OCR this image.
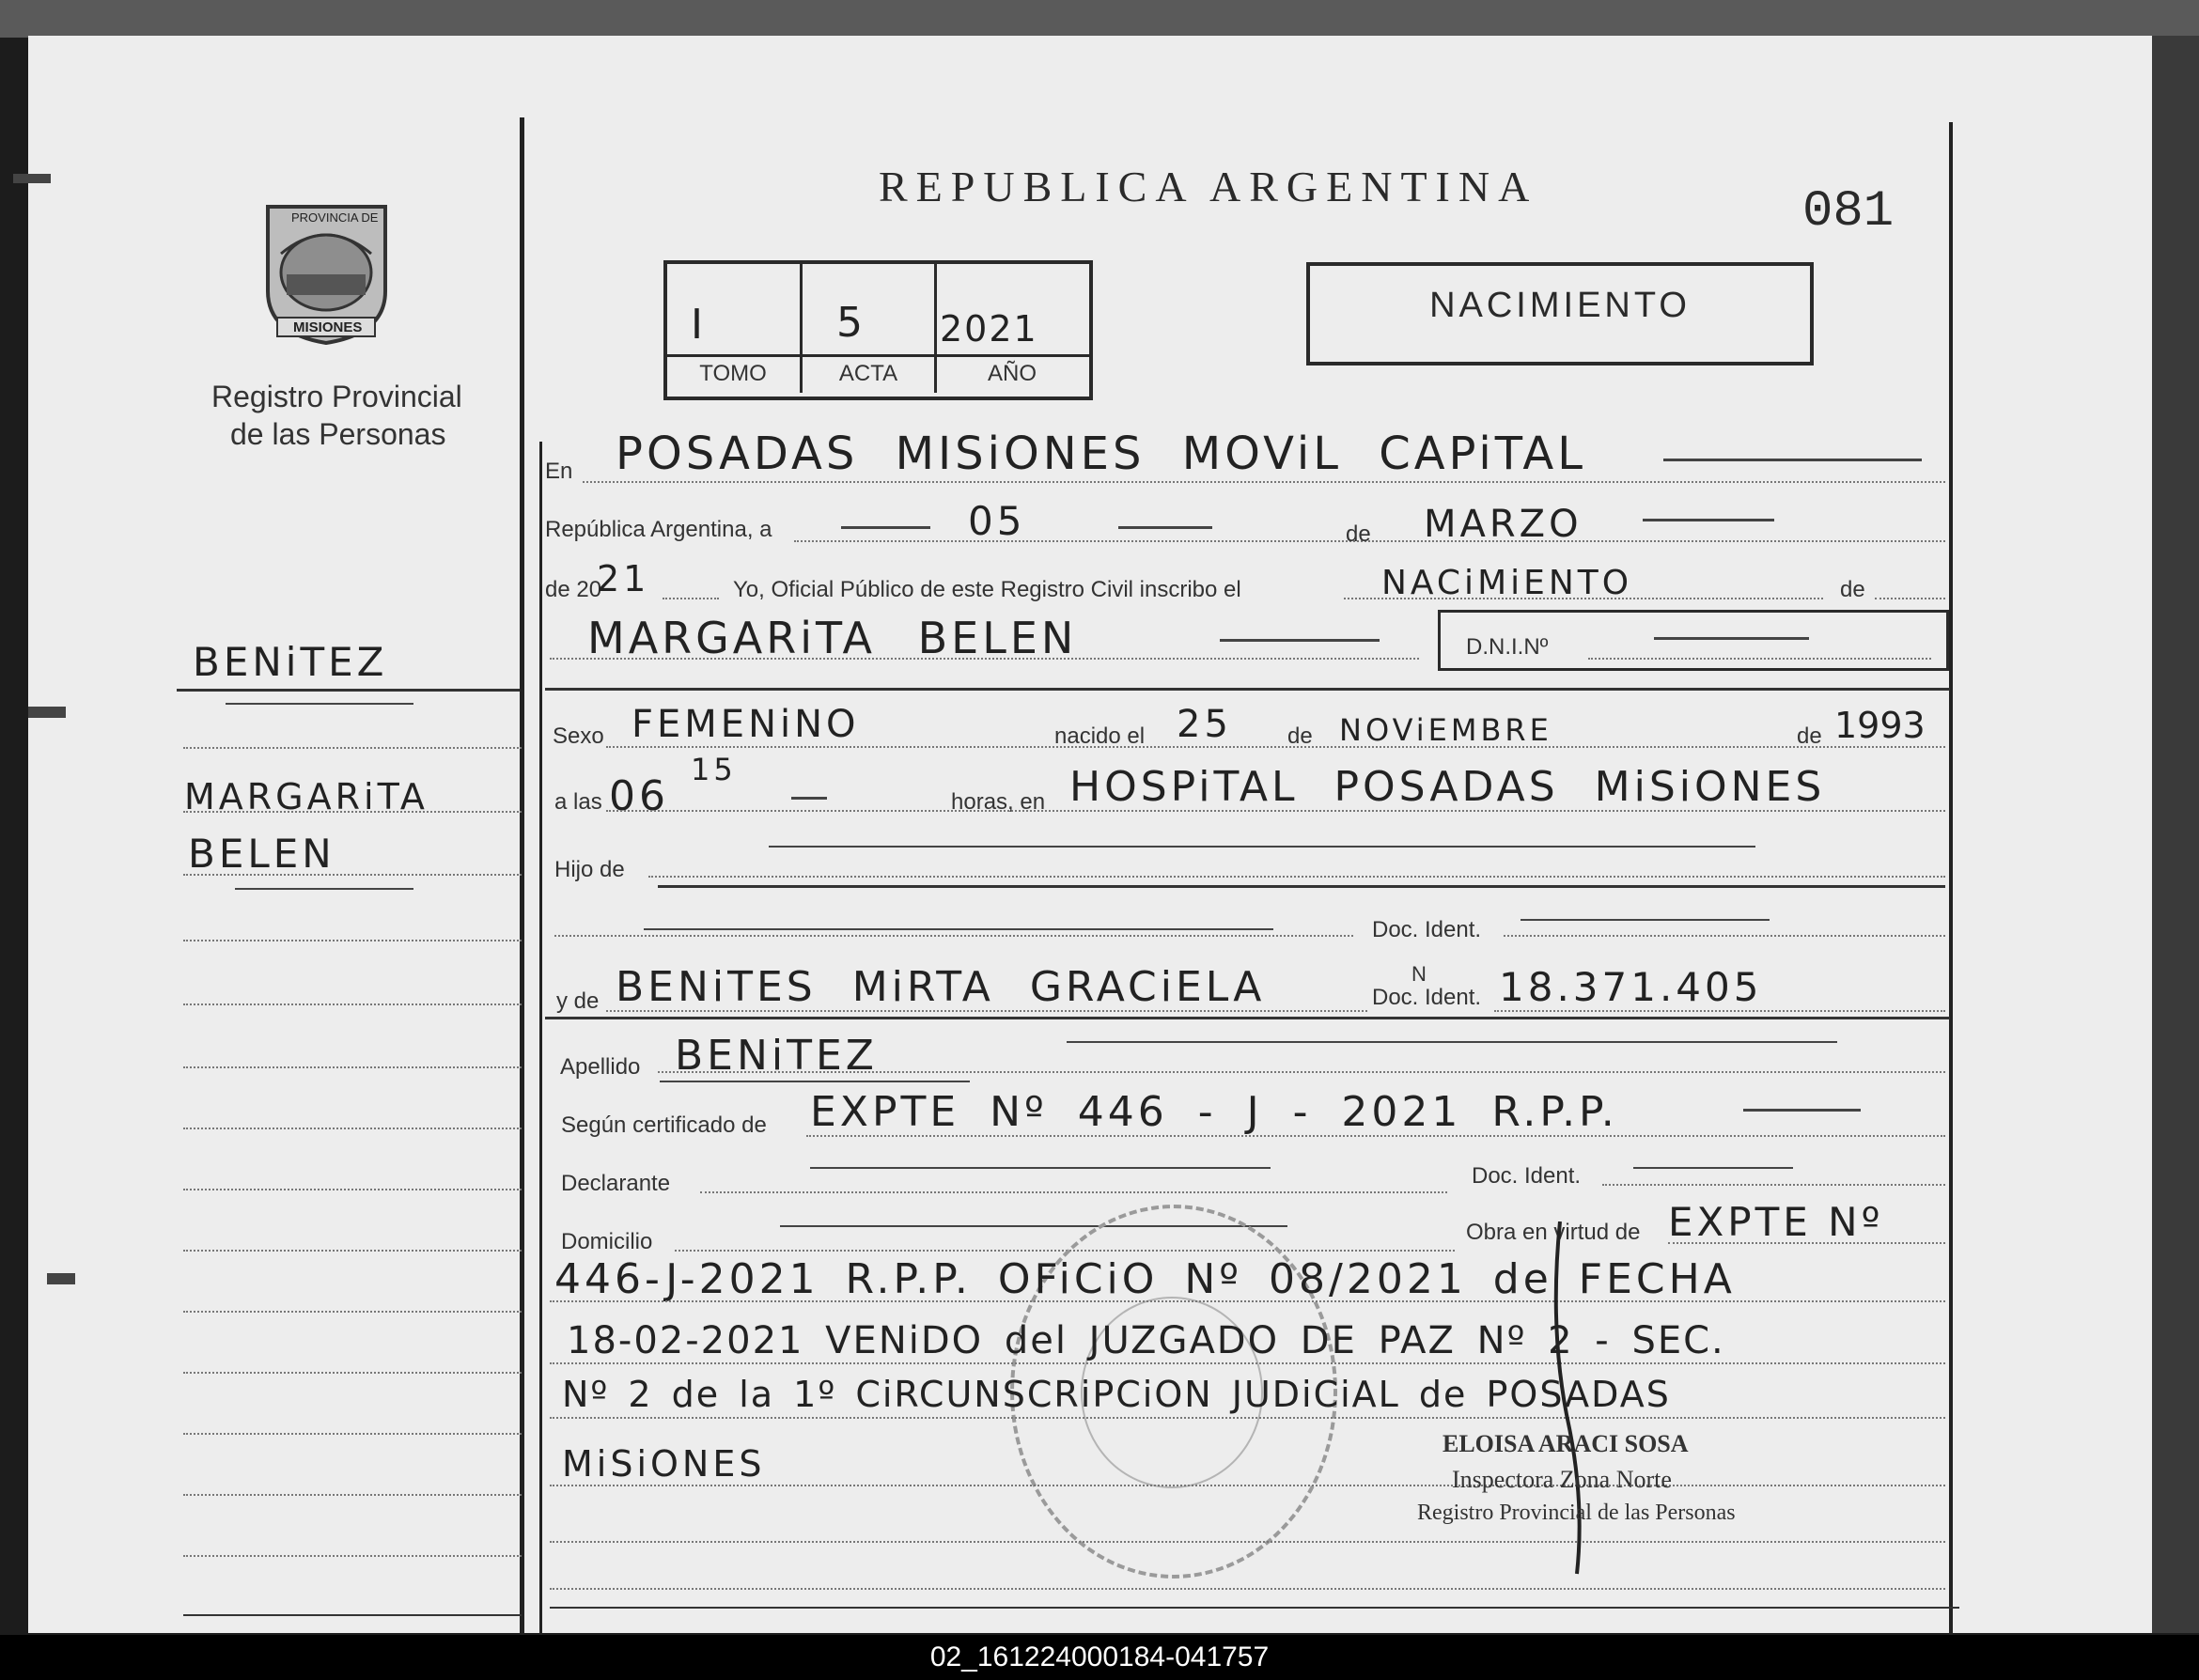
PROVINCIA DE
MISIONES
Registro Provincial
de las Personas
REPUBLICA ARGENTINA	081
I	5 2021
TOMO	ACTA	AÑO
NACIMIENTO
BENiTEZ
MARGARiTA
BELEN
En POSADAS MISiONES MOViL CAPiTAL
República Argentina, a	05	de MARZO
de 20
21	Yo, Oficial Público de este Registro Civil inscribo el	NACiMiENTO	de
MARGARiTA BELEN	D.N.I.Nº
Sexo FEMENiNO	nacido el 25 de NOViEMBRE	de 1993
a las 06
15
horas, en HOSPiTAL POSADAS MiSiONES
Hijo de
Doc. Ident.
y de BENiTES MiRTA GRACiELA	Doc. Ident.
N 18.371.405
Apellido BENiTEZ
Según certificado de EXPTE Nº 446 - J - 2021 R.P.P.
Declarante	Doc. Ident.
Domicilio	Obra en virtud de EXPTE Nº
446-J-2021 R.P.P. OFiCiO Nº 08/2021 de FECHA
18-02-2021 VENiDO del JUZGADO DE PAZ Nº 2 - SEC.
Nº 2 de la 1º CiRCUNSCRiPCiON JUDiCiAL de POSADAS
MiSiONES	ELOISA ARACI SOSA
Inspectora Zona Norte
Registro Provincial de las Personas
02_161224000184-041757
